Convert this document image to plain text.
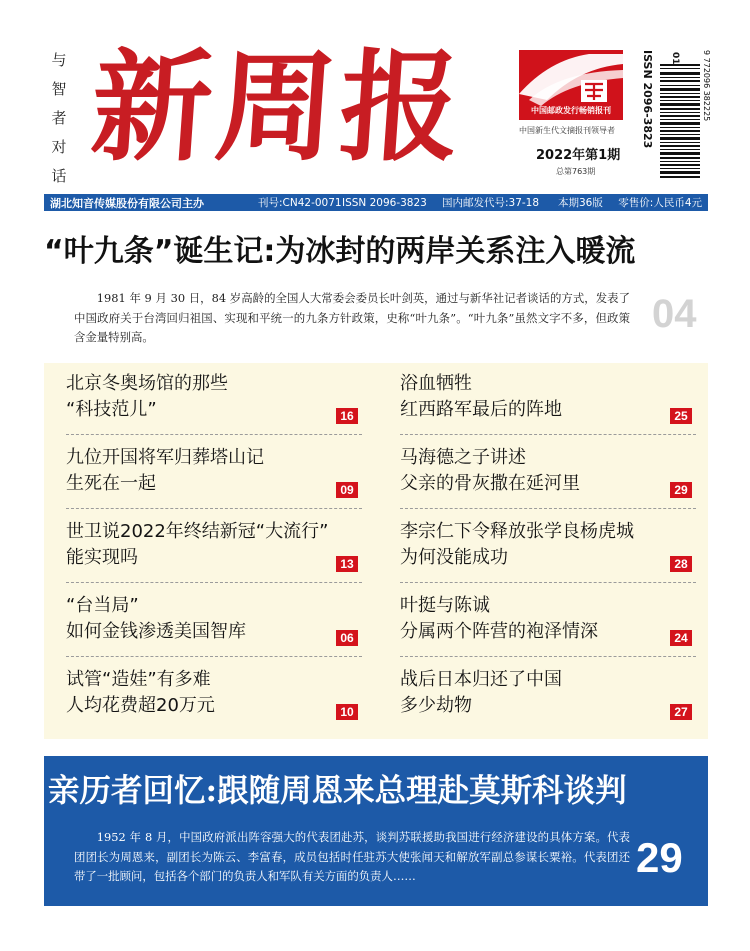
与
智
者
对
话 新周报	中国邮政发行畅销报刊
中国新生代文摘报刊领导者
2022年第1期
总第763期
ISSN 2096-3823	9 772096 382225
01
湖北知音传媒股份有限公司主办	刊号:CN42-0071 ISSN 2096-3823 国内邮发代号:37-18 本期36版 零售价:人民币4元
“叶九条”诞生记:为冰封的两岸关系注入暖流

1981 年 9 月 30 日，84 岁高龄的全国人大常委会委员长叶剑英，通过与新华社记者谈话的方式，发表了中国政府关于台湾回归祖国、实现和平统一的九条方针政策，史称“叶九条”。“叶九条”虽然文字不多，但政策含金量特别高。

04
北京冬奥场馆的那些
“科技范儿”	16
九位开国将军归葬塔山记
生死在一起	09
世卫说2022年终结新冠“大流行”
能实现吗	13
“台当局”
如何金钱渗透美国智库	06
试管“造娃”有多难
人均花费超20万元	10
浴血牺牲
红西路军最后的阵地	25
马海德之子讲述
父亲的骨灰撒在延河里	29
李宗仁下令释放张学良杨虎城
为何没能成功	28
叶挺与陈诚
分属两个阵营的袍泽情深	24
战后日本归还了中国
多少劫物	27
亲历者回忆:跟随周恩来总理赴莫斯科谈判

1952 年 8 月，中国政府派出阵容强大的代表团赴苏，谈判苏联援助我国进行经济建设的具体方案。代表团团长为周恩来，副团长为陈云、李富春，成员包括时任驻苏大使张闻天和解放军副总参谋长粟裕。代表团还带了一批顾问，包括各个部门的负责人和军队有关方面的负责人……	29
